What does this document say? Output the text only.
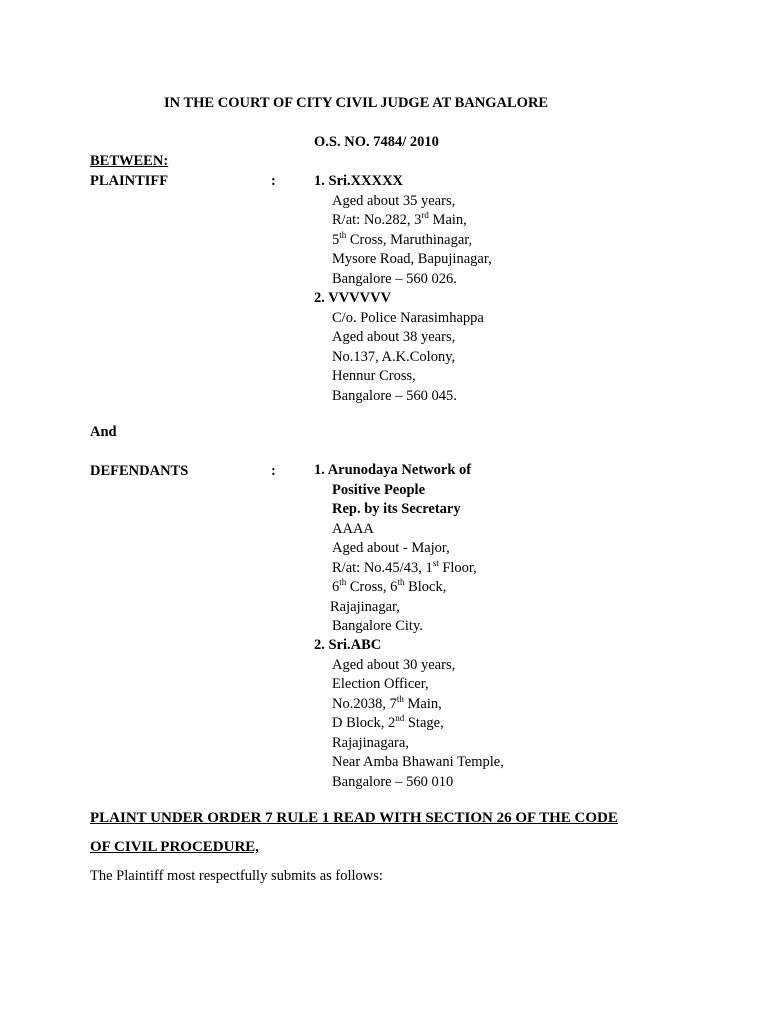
IN THE COURT OF CITY CIVIL JUDGE AT BANGALORE
O.S. NO. 7484/ 2010
BETWEEN:
PLAINTIFF	:	1. Sri.XXXXX
Aged about 35 years,
R/at: No.282, 3rd Main,
5th Cross, Maruthinagar,
Mysore Road, Bapujinagar,
Bangalore – 560 026.
2. VVVVVV
C/o. Police Narasimhappa
Aged about 38 years,
No.137, A.K.Colony,
Hennur Cross,
Bangalore – 560 045.
And
DEFENDANTS	:	1. Arunodaya Network of
Positive People
Rep. by its Secretary
AAAA
Aged about - Major,
R/at: No.45/43, 1st Floor,
6th Cross, 6th Block,
Rajajinagar,
Bangalore City.
2. Sri.ABC
Aged about 30 years,
Election Officer,
No.2038, 7th Main,
D Block, 2nd Stage,
Rajajinagara,
Near Amba Bhawani Temple,
Bangalore – 560 010
PLAINT UNDER ORDER 7 RULE 1 READ WITH SECTION 26 OF THE CODE
OF CIVIL PROCEDURE,
The Plaintiff most respectfully submits as follows:
